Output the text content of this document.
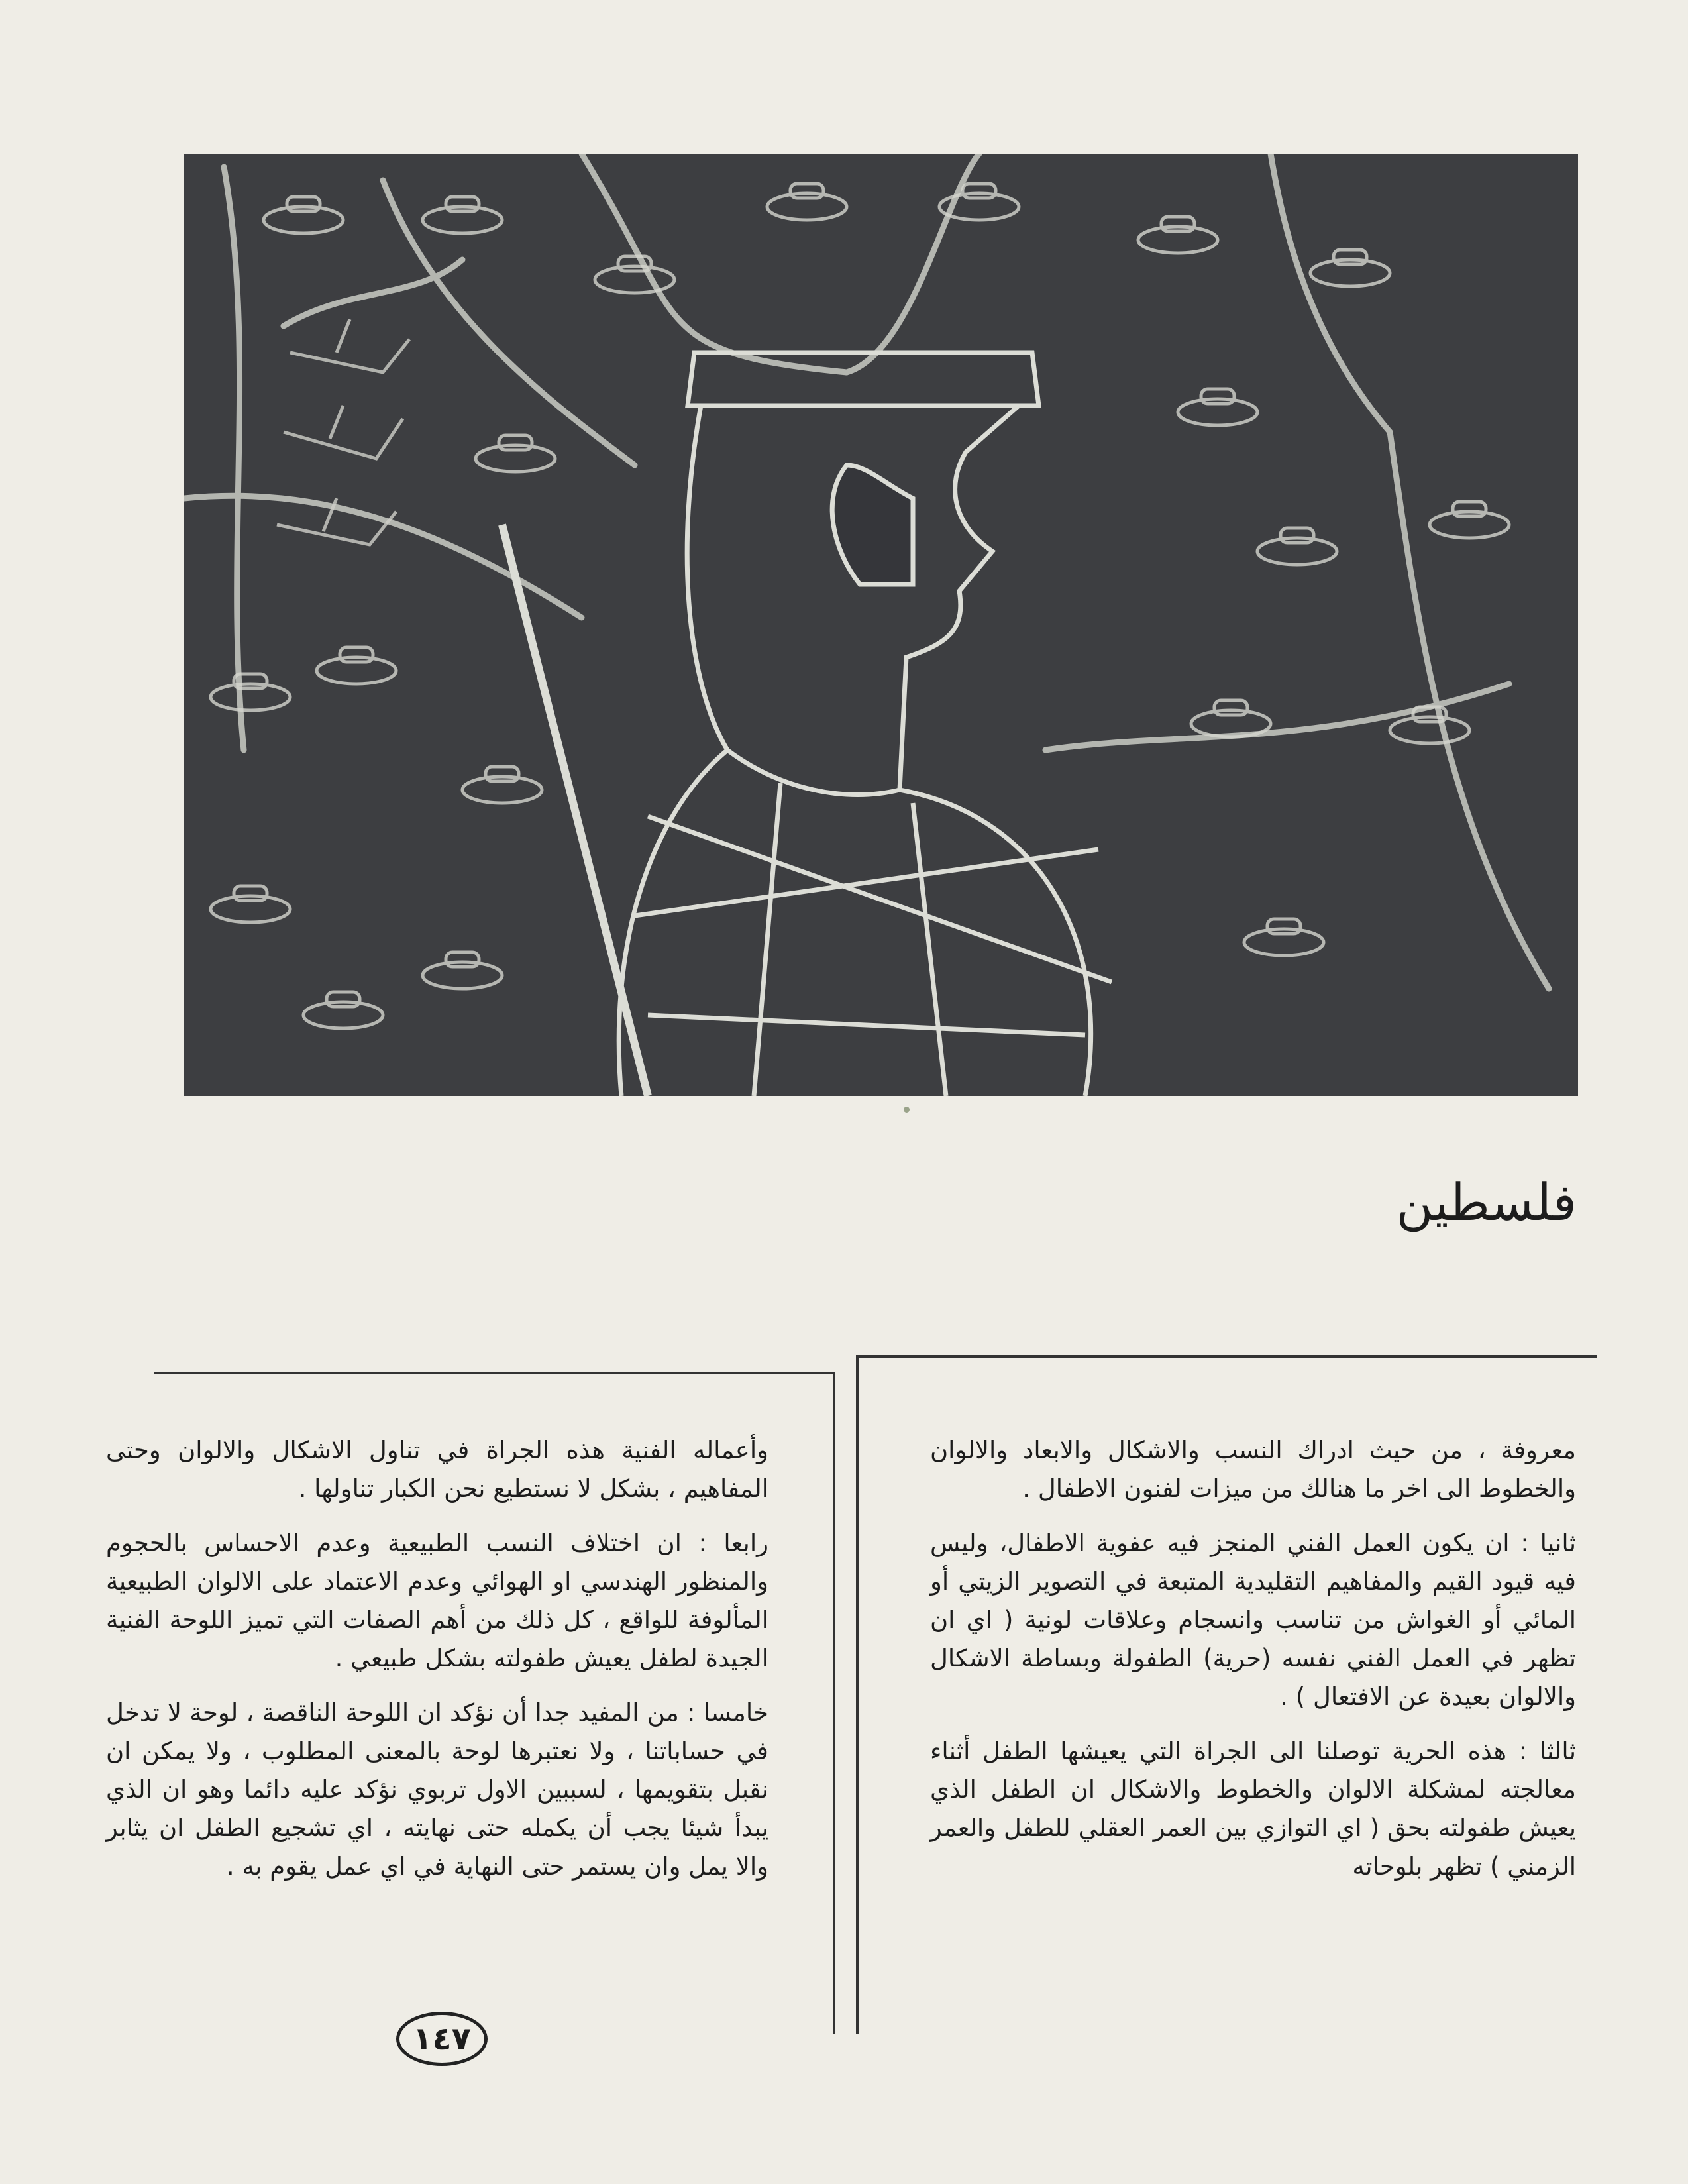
فلسطين

معروفة ، من حيث ادراك النسب والاشكال والابعاد والالوان والخطوط الى اخر ما هنالك من ميزات لفنون الاطفال .

ثانيا : ان يكون العمل الفني المنجز فيه عفوية الاطفال، وليس فيه قيود القيم والمفاهيم التقليدية المتبعة في التصوير الزيتي أو المائي أو الغواش من تناسب وانسجام وعلاقات لونية ( اي ان تظهر في العمل الفني نفسه (حرية) الطفولة وبساطة الاشكال والالوان بعيدة عن الافتعال ) .

ثالثا : هذه الحرية توصلنا الى الجراة التي يعيشها الطفل أثناء معالجته لمشكلة الالوان والخطوط والاشكال ان الطفل الذي يعيش طفولته بحق ( اي التوازي بين العمر العقلي للطفل والعمر الزمني ) تظهر بلوحاته

وأعماله الفنية هذه الجراة في تناول الاشكال والالوان وحتى المفاهيم ، بشكل لا نستطيع نحن الكبار تناولها .

رابعا : ان اختلاف النسب الطبيعية وعدم الاحساس بالحجوم والمنظور الهندسي او الهوائي وعدم الاعتماد على الالوان الطبيعية المألوفة للواقع ، كل ذلك من أهم الصفات التي تميز اللوحة الفنية الجيدة لطفل يعيش طفولته بشكل طبيعي .

خامسا : من المفيد جدا أن نؤكد ان اللوحة الناقصة ، لوحة لا تدخل في حساباتنا ، ولا نعتبرها لوحة بالمعنى المطلوب ، ولا يمكن ان نقبل بتقويمها ، لسببين الاول تربوي نؤكد عليه دائما وهو ان الذي يبدأ شيئا يجب أن يكمله حتى نهايته ، اي تشجيع الطفل ان يثابر والا يمل وان يستمر حتى النهاية في اي عمل يقوم به .

١٤٧
